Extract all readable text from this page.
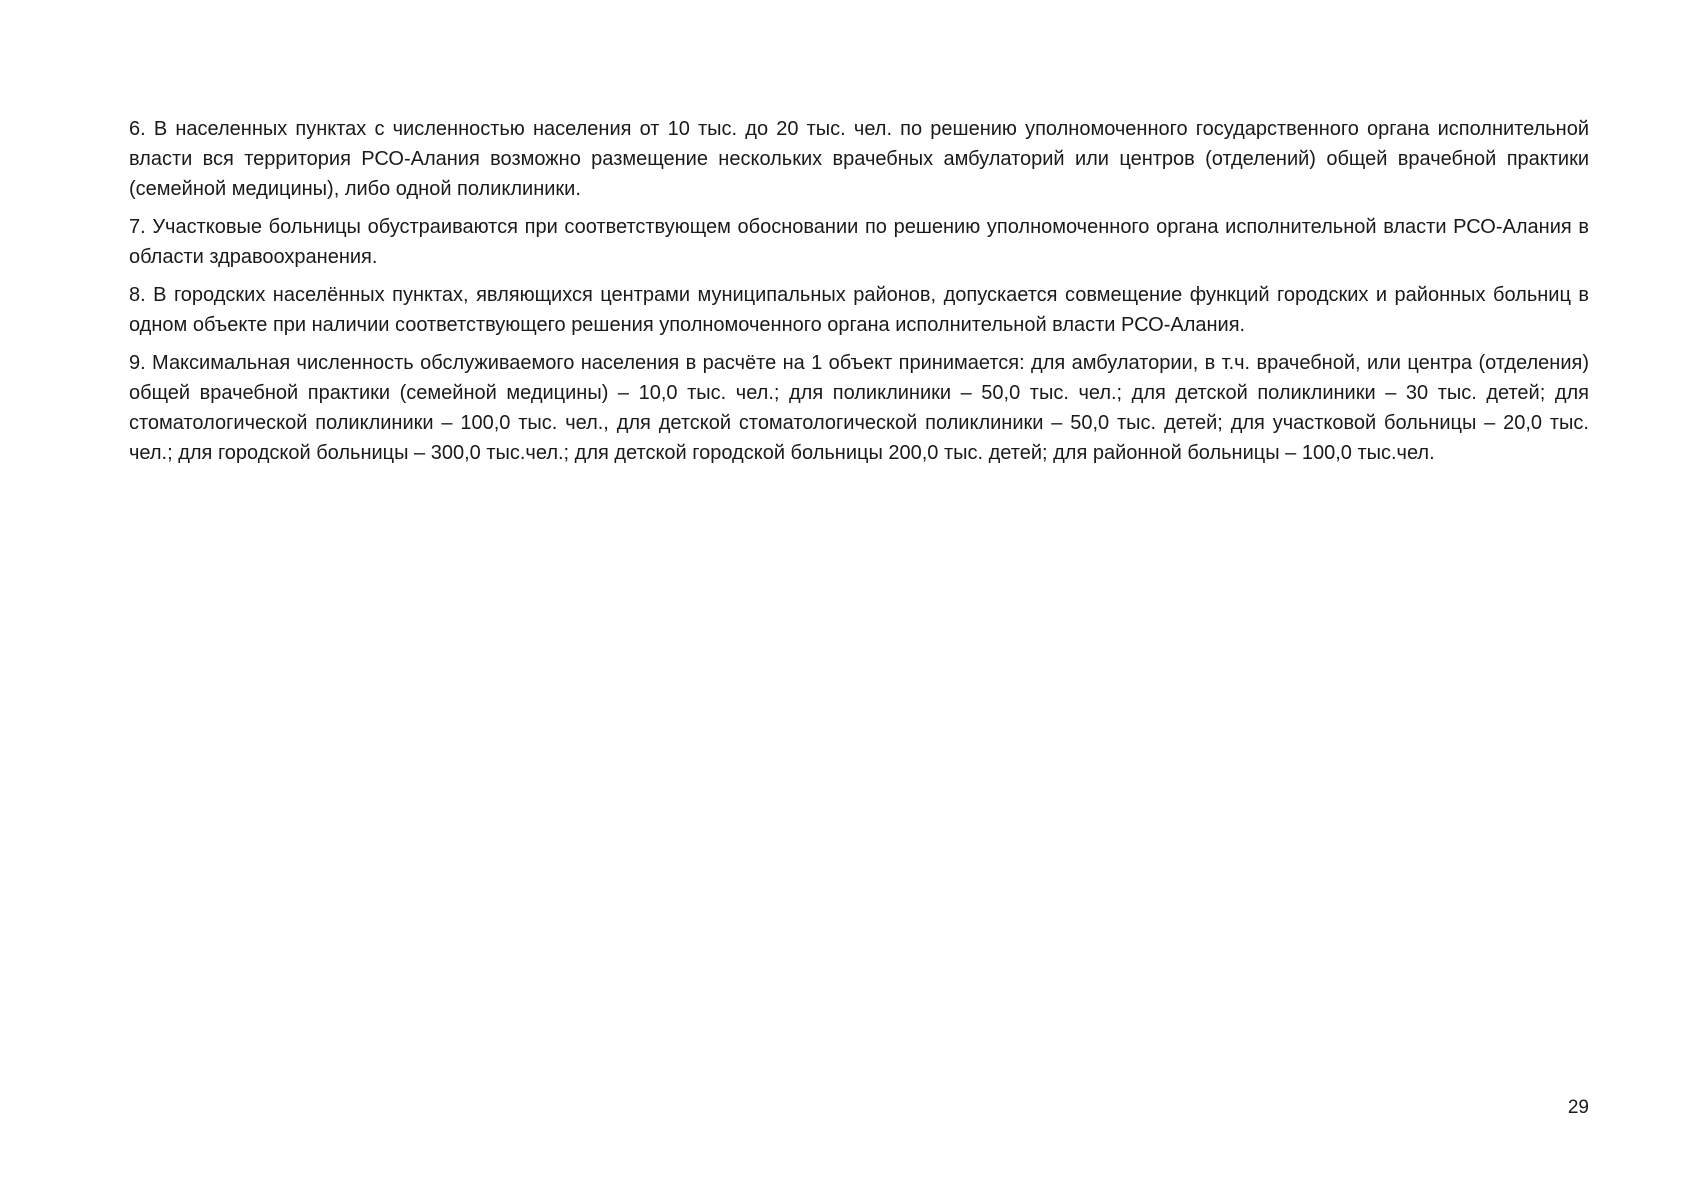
6. В населенных пунктах с численностью населения от 10 тыс. до 20 тыс. чел. по решению уполномоченного государственного органа исполнительной власти вся территория РСО-Алания возможно размещение нескольких врачебных амбулаторий или центров (отделений) общей врачебной практики (семейной медицины), либо одной поликлиники.

7. Участковые больницы обустраиваются при соответствующем обосновании по решению уполномоченного органа исполнительной власти РСО-Алания в области здравоохранения.

8. В городских населённых пунктах, являющихся центрами муниципальных районов, допускается совмещение функций городских и районных больниц в одном объекте при наличии соответствующего решения уполномоченного органа исполнительной власти РСО-Алания.

9. Максимальная численность обслуживаемого населения в расчёте на 1 объект принимается: для амбулатории, в т.ч. врачебной, или центра (отделения) общей врачебной практики (семейной медицины) – 10,0 тыс. чел.; для поликлиники – 50,0 тыс. чел.; для детской поликлиники – 30 тыс. детей; для стоматологической поликлиники – 100,0 тыс. чел., для детской стоматологической поликлиники – 50,0 тыс. детей; для участковой больницы – 20,0 тыс. чел.; для городской больницы – 300,0 тыс.чел.; для детской городской больницы 200,0 тыс. детей; для районной больницы – 100,0 тыс.чел.

29
